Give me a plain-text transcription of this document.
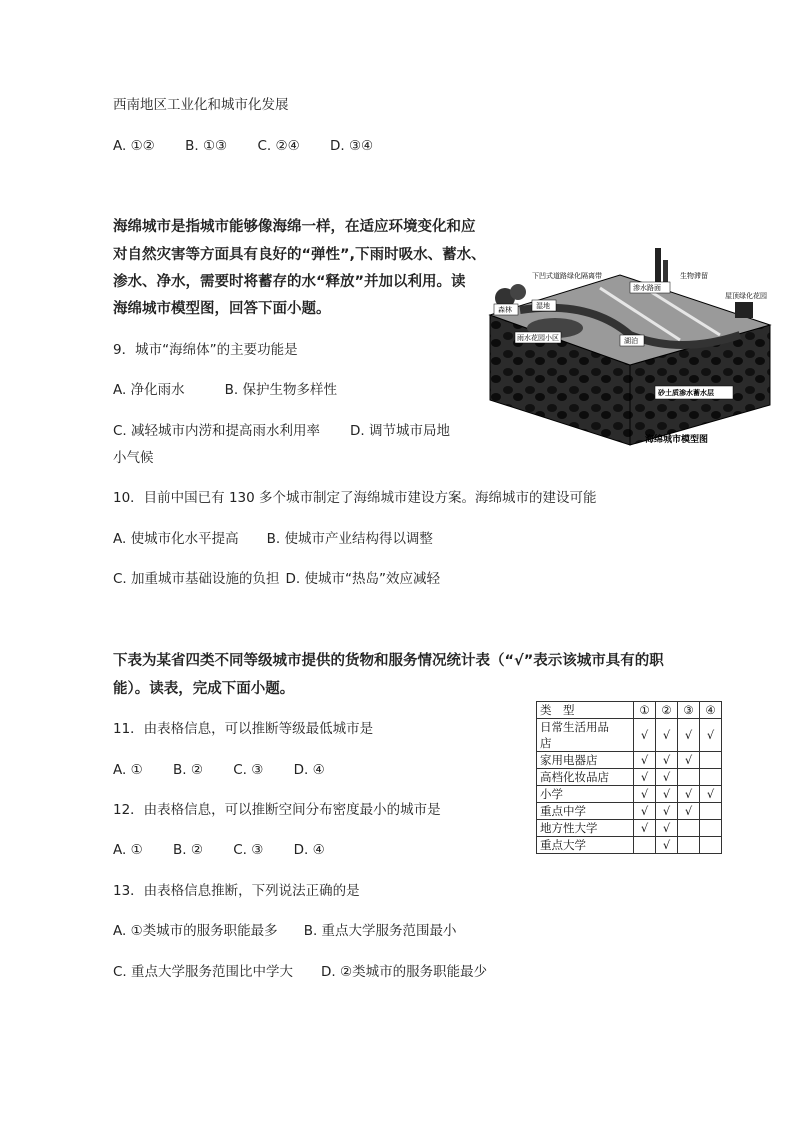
西南地区工业化和城市化发展
A. ①② B. ①③ C. ②④ D. ③④
海绵城市是指城市能够像海绵一样，在适应环境变化和应
对自然灾害等方面具有良好的“弹性”,下雨时吸水、蓄水、
渗水、净水，需要时将蓄存的水“释放”并加以利用。读
海绵城市模型图，回答下面小题。
9．城市“海绵体”的主要功能是
A. 净化雨水	B. 保护生物多样性
C. 减轻城市内涝和提高雨水利用率 D. 调节城市局地
小气候
下凹式道路绿化隔离带	生物滞留
渗水路面
屋顶绿化花园
湿地
森林
雨水花园小区	湖泊
砂土质渗水蓄水层
海绵城市模型图
10．目前中国已有 130 多个城市制定了海绵城市建设方案。海绵城市的建设可能
A. 使城市化水平提高 B. 使城市产业结构得以调整
C. 加重城市基础设施的负担 D. 使城市“热岛”效应减轻
下表为某省四类不同等级城市提供的货物和服务情况统计表（“√”表示该城市具有的职
能）。读表，完成下面小题。
11．由表格信息，可以推断等级最低城市是
A. ① B. ② C. ③ D. ④
12．由表格信息，可以推断空间分布密度最小的城市是
A. ① B. ② C. ③ D. ④
13．由表格信息推断，下列说法正确的是
A. ①类城市的服务职能最多 B. 重点大学服务范围最小
C. 重点大学服务范围比中学大 D. ②类城市的服务职能最少
类　型	①	②	③	④

日常生活用品
店	√	√	√	√
家用电器店	√	√	√	
高档化妆品店	√	√		
小学	√	√	√	√
重点中学	√	√	√	
地方性大学	√	√		
重点大学		√		
